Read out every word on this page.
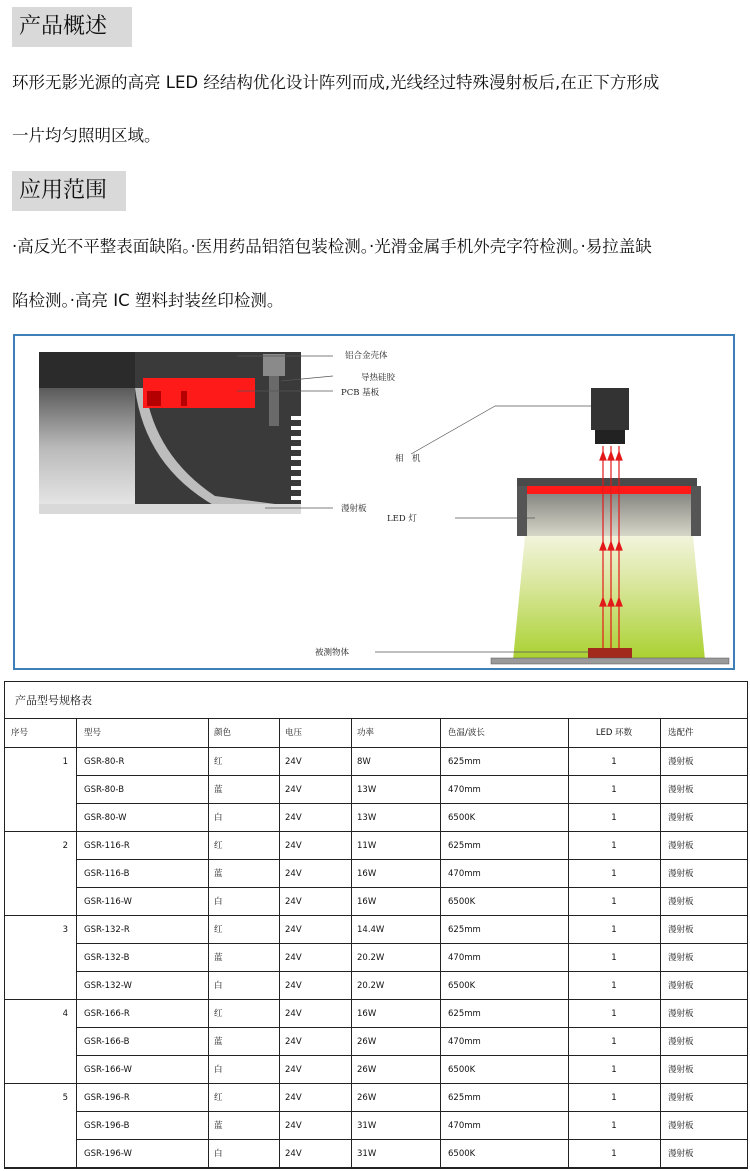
产品概述
环形无影光源的高亮 LED 经结构优化设计阵列而成,光线经过特殊漫射板后,在正下方形成
一片均匀照明区域。
应用范围
·高反光不平整表面缺陷。·医用药品铝箔包装检测。·光滑金属手机外壳字符检测。·易拉盖缺
陷检测。·高亮 IC 塑料封装丝印检测。
铝合金壳体
导热硅胶
PCB 基板
漫射板
相　机
LED 灯
被测物体
产品型号规格表
序号	型号	颜色	电压	功率	色温/波长	LED 环数	选配件
1	GSR-80-R	红	24V	8W	625mm	1	漫射板
GSR-80-B	蓝	24V	13W	470mm	1	漫射板
GSR-80-W	白	24V	13W	6500K	1	漫射板
2	GSR-116-R	红	24V	11W	625mm	1	漫射板
GSR-116-B	蓝	24V	16W	470mm	1	漫射板
GSR-116-W	白	24V	16W	6500K	1	漫射板
3	GSR-132-R	红	24V	14.4W	625mm	1	漫射板
GSR-132-B	蓝	24V	20.2W	470mm	1	漫射板
GSR-132-W	白	24V	20.2W	6500K	1	漫射板
4	GSR-166-R	红	24V	16W	625mm	1	漫射板
GSR-166-B	蓝	24V	26W	470mm	1	漫射板
GSR-166-W	白	24V	26W	6500K	1	漫射板
5	GSR-196-R	红	24V	26W	625mm	1	漫射板
GSR-196-B	蓝	24V	31W	470mm	1	漫射板
GSR-196-W	白	24V	31W	6500K	1	漫射板
